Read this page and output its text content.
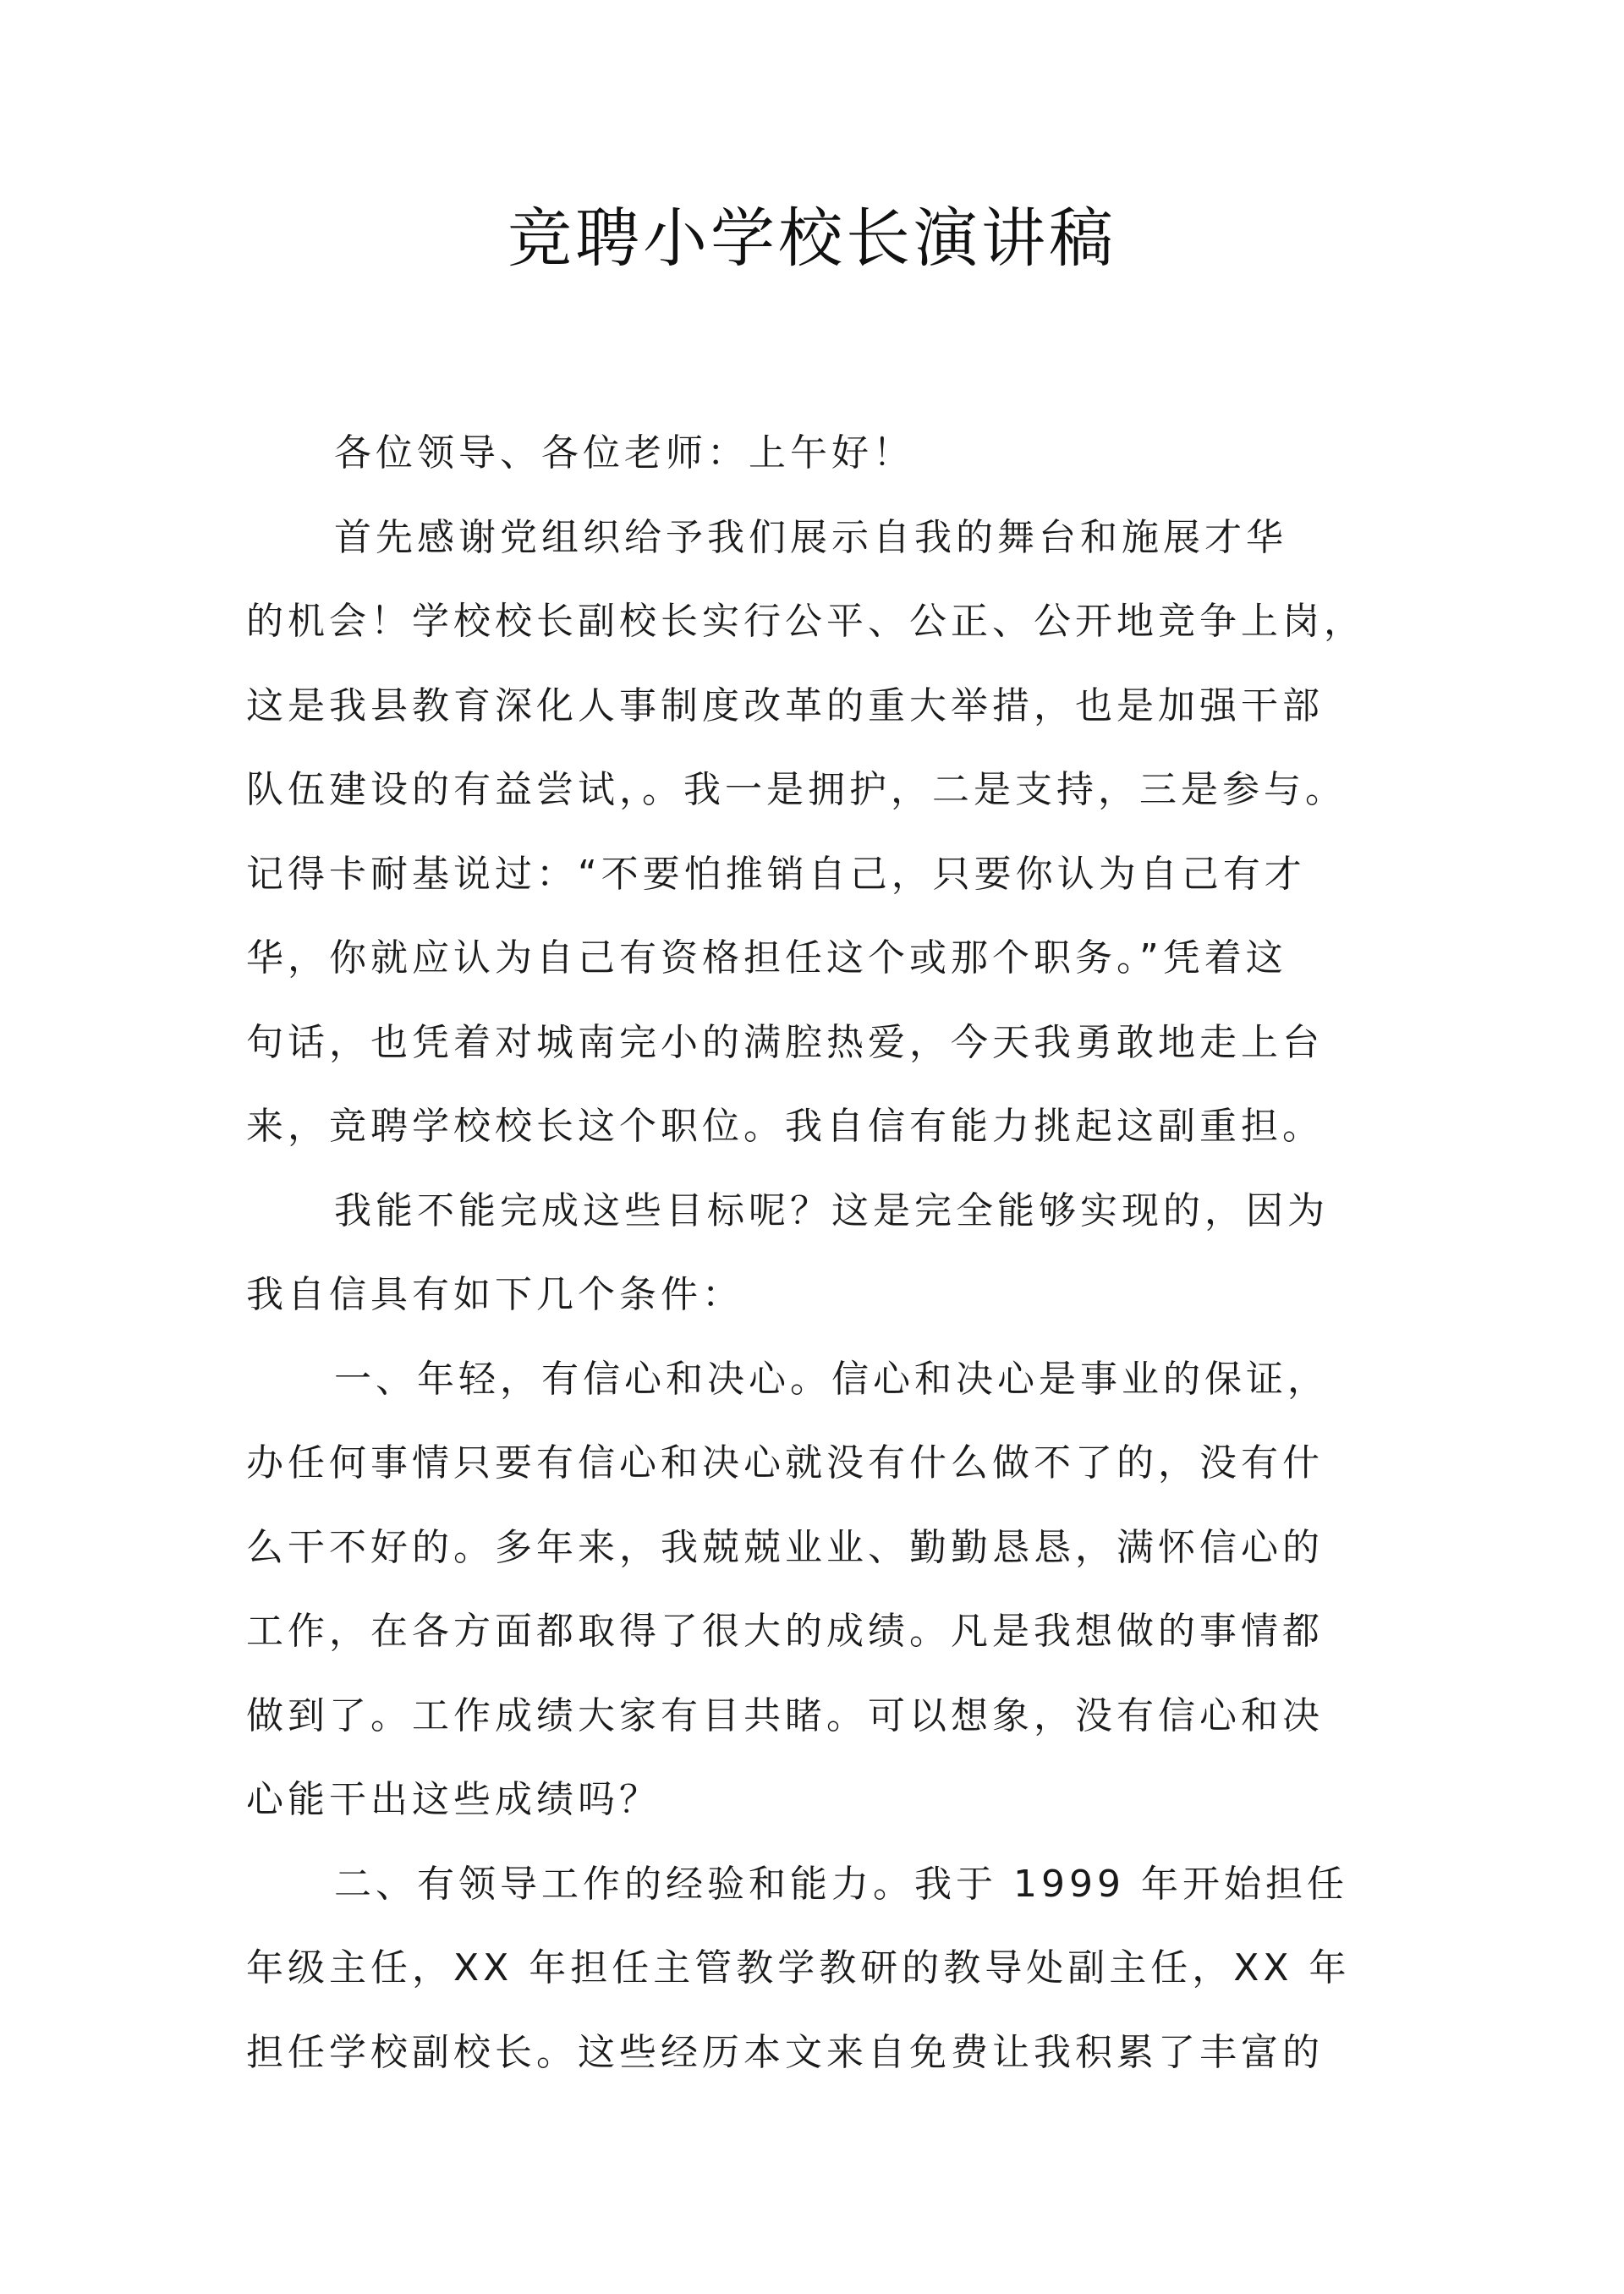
竞聘小学校长演讲稿
各位领导、各位老师：上午好！
首先感谢党组织给予我们展示自我的舞台和施展才华
的机会！学校校长副校长实行公平、公正、公开地竞争上岗，
这是我县教育深化人事制度改革的重大举措，也是加强干部
队伍建设的有益尝试，。我一是拥护，二是支持，三是参与。
记得卡耐基说过：“不要怕推销自己，只要你认为自己有才
华，你就应认为自己有资格担任这个或那个职务。”凭着这
句话，也凭着对城南完小的满腔热爱，今天我勇敢地走上台
来，竞聘学校校长这个职位。我自信有能力挑起这副重担。
我能不能完成这些目标呢？这是完全能够实现的，因为
我自信具有如下几个条件：
一、年轻，有信心和决心。信心和决心是事业的保证，
办任何事情只要有信心和决心就没有什么做不了的，没有什
么干不好的。多年来，我兢兢业业、勤勤恳恳，满怀信心的
工作，在各方面都取得了很大的成绩。凡是我想做的事情都
做到了。工作成绩大家有目共睹。可以想象，没有信心和决
心能干出这些成绩吗？
二、有领导工作的经验和能力。我于 1999 年开始担任
年级主任，XX 年担任主管教学教研的教导处副主任，XX 年
担任学校副校长。这些经历本文来自免费让我积累了丰富的
